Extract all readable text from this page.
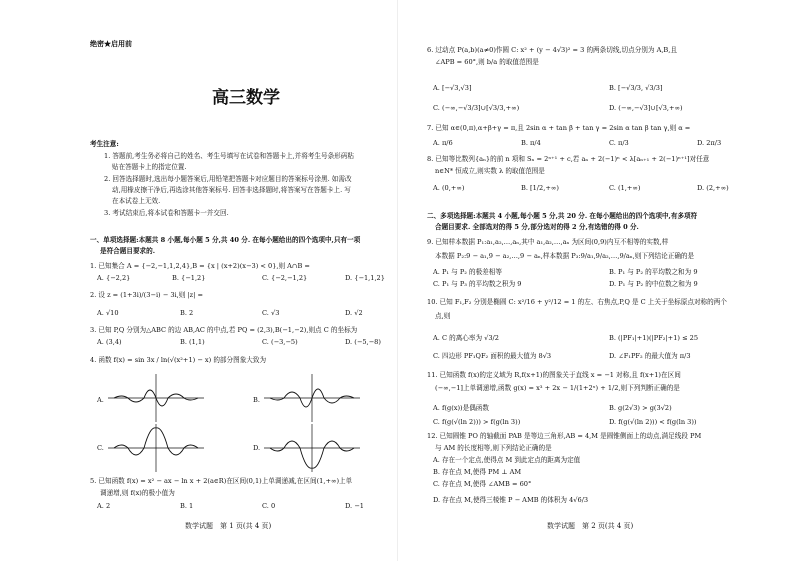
绝密★启用前
高三数学
考生注意:
1. 答题前,考生务必将自己的姓名、考生号填写在试卷和答题卡上,并将考生号条形码粘
贴在答题卡上的指定位置.
2. 回答选择题时,选出每小题答案后,用铅笔把答题卡对应题目的答案标号涂黑. 如需改
动,用橡皮擦干净后,再选涂其他答案标号. 回答非选择题时,将答案写在答题卡上. 写
在本试卷上无效.
3. 考试结束后,将本试卷和答题卡一并交回.
一、单项选择题:本题共 8 小题,每小题 5 分,共 40 分. 在每小题给出的四个选项中,只有一项
是符合题目要求的.
1. 已知集合 A = {−2,−1,1,2,4},B = {x | (x+2)(x−3) < 0},则 A∩B =
A. {−2,2}	B. {−1,2}	C. {−2,−1,2}	D. {−1,1,2}
2. 设 z = (1+3i)/(3−i) − 3i,则 |z| =
A. √10	B. 2	C. √3	D. √2
3. 已知 P,Q 分别为△ABC 的边 AB,AC 的中点,若 PQ = (2,3),B(−1,−2),则点 C 的坐标为
A. (3,4)	B. (1,1)	C. (−3,−5)	D. (−5,−8)
4. 函数 f(x) = sin 3x / ln(√(x²+1) − x) 的部分图象大致为
A.	B.
C.	D.
5. 已知函数 f(x) = x² − ax − ln x + 2(a∈R)在区间(0,1)上单调递减,在区间(1,+∞)上单
调递增,则 f(x)的极小值为
A. 2	B. 1	C. 0	D. −1
数学试题　第 1 页(共 4 页)
6. 过动点 P(a,b)(a≠0)作圆 C: x² + (y − 4√3)² = 3 的两条切线,切点分别为 A,B,且
∠APB = 60°,则 b/a 的取值范围是
A. [−√3,√3]	B. [−√3/3, √3/3]
C. (−∞,−√3/3]∪[√3/3,+∞)	D. (−∞,−√3]∪[√3,+∞)
7. 已知 α∈(0,π),α+β+γ = π,且 2sin α + tan β + tan γ = 2sin α tan β tan γ,则 α =
A. π/6	B. π/4	C. π/3	D. 2π/3
8. 已知等比数列{aₙ}的前 n 项和 Sₙ = 2ⁿ⁺¹ + c,若 aₙ + 2(−1)ⁿ < λ[aₙ₊₁ + 2(−1)ⁿ⁺¹]对任意
n∈N* 恒成立,则实数 λ 的取值范围是
A. (0,+∞)	B. [1/2,+∞)	C. (1,+∞)	D. (2,+∞)
二、多项选择题:本题共 4 小题,每小题 5 分,共 20 分. 在每小题给出的四个选项中,有多项符
合题目要求. 全部选对的得 5 分,部分选对的得 2 分,有选错的得 0 分.
9. 已知样本数据 P₁:a₁,a₂,…,aₙ,其中 a₁,a₂,…,aₙ 为区间(0,9)内互不相等的实数,样
本数据 P₂:9 − a₁,9 − a₂,…,9 − aₙ,样本数据 P₃:9/a₁,9/a₂,…,9/aₙ,则下列结论正确的是
A. P₁ 与 P₂ 的极差相等	B. P₁ 与 P₂ 的平均数之和为 9
C. P₁ 与 P₃ 的平均数之积为 9	D. P₁ 与 P₂ 的中位数之和为 9
10. 已知 F₁,F₂ 分别是椭圆 C: x²/16 + y²/12 = 1 的左、右焦点,P,Q 是 C 上关于坐标原点对称的两个
点,则
A. C 的离心率为 √3/2	B. (|PF₁|+1)(|PF₂|+1) ≤ 25
C. 四边形 PF₁QF₂ 面积的最大值为 8√3	D. ∠F₁PF₂ 的最大值为 π/3
11. 已知函数 f(x)的定义域为 R,f(x+1)的图象关于直线 x = −1 对称,且 f(x+1)在区间
(−∞,−1]上单调递增,函数 g(x) = x³ + 2x − 1/(1+2ˣ) + 1/2,则下列判断正确的是
A. f(g(x))是偶函数	B. g(2√3) > g(3√2)
C. f(g(√(ln 2))) > f(g(ln 3))	D. f(g(√(ln 2))) < f(g(ln 3))
12. 已知圆锥 PO 的轴截面 PAB 是等边三角形,AB = 4,M 是圆锥侧面上的动点,满足线段 PM
与 AM 的长度相等,则下列结论正确的是
A. 存在一个定点,使得点 M 到此定点的距离为定值
B. 存在点 M,使得 PM ⊥ AM
C. 存在点 M,使得 ∠AMB = 60°
D. 存在点 M,使得三棱锥 P − AMB 的体积为 4√6/3
数学试题　第 2 页(共 4 页)
